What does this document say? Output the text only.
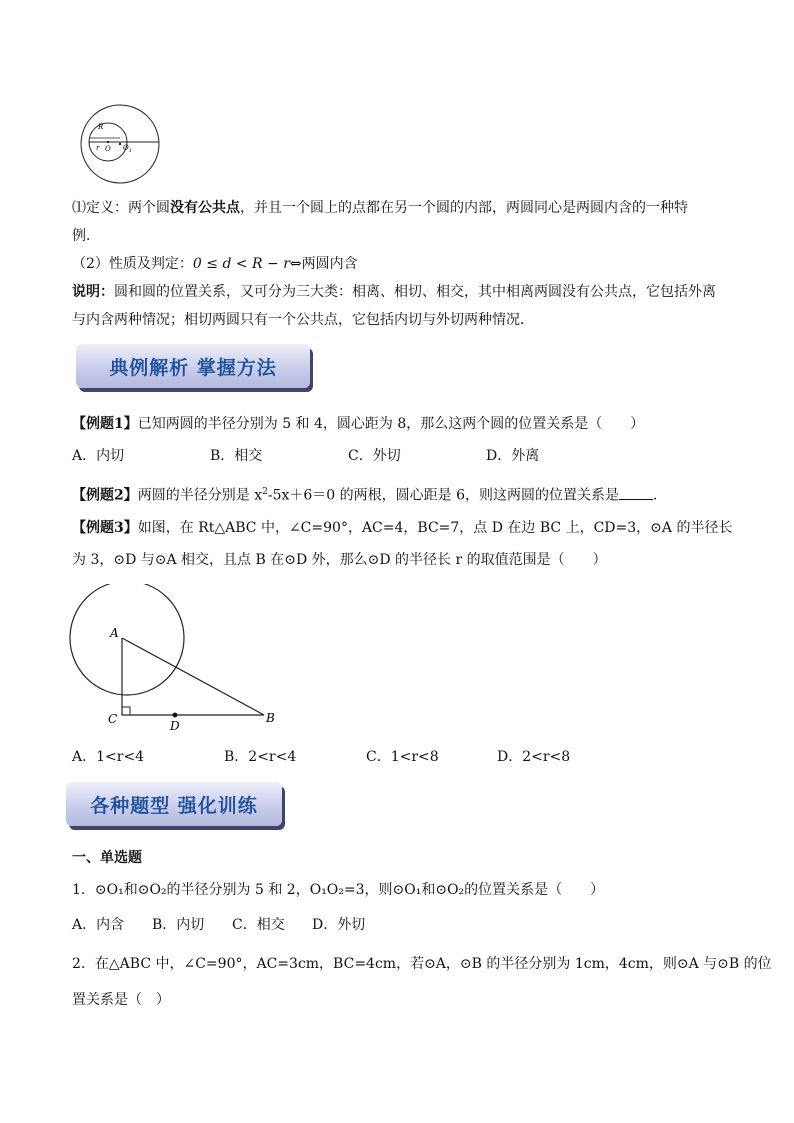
R
r O $O_1$
⑴定义：两个圆没有公共点，并且一个圆上的点都在另一个圆的内部，两圆同心是两圆内含的一种特
例．
（2）性质及判定：0 ≤ d < R − r⇔两圆内含
说明：圆和圆的位置关系，又可分为三大类：相离、相切、相交，其中相离两圆没有公共点，它包括外离
与内含两种情况；相切两圆只有一个公共点，它包括内切与外切两种情况．
典例解析 掌握方法
【例题1】已知两圆的半径分别为 5 和 4，圆心距为 8，那么这两个圆的位置关系是（　　）
A．内切	B．相交	C．外切	D．外离
【例题2】两圆的半径分别是 $x^2-5x+6=0$ 的两根，圆心距是 6，则这两圆的位置关系是 ．
【例题3】如图，在 Rt△ABC 中，∠C=90°，AC=4，BC=7，点 D 在边 BC 上，CD=3，⊙A 的半径长
为 3，⊙D 与⊙A 相交，且点 B 在⊙D 外，那么⊙D 的半径长 r 的取值范围是（　　）
A
C	D
B
A．1<r<4	B．2<r<4	C．1<r<8	D．2<r<8
各种题型 强化训练
一、单选题
1．⊙O₁和⊙O₂的半径分别为 5 和 2，O₁O₂=3，则⊙O₁和⊙O₂的位置关系是（　　）
A．内含 B．内切 C．相交 D．外切
2．在△ABC 中，∠C=90°，AC=3cm，BC=4cm，若⊙A，⊙B 的半径分别为 1cm，4cm，则⊙A 与⊙B 的位
置关系是（　）
